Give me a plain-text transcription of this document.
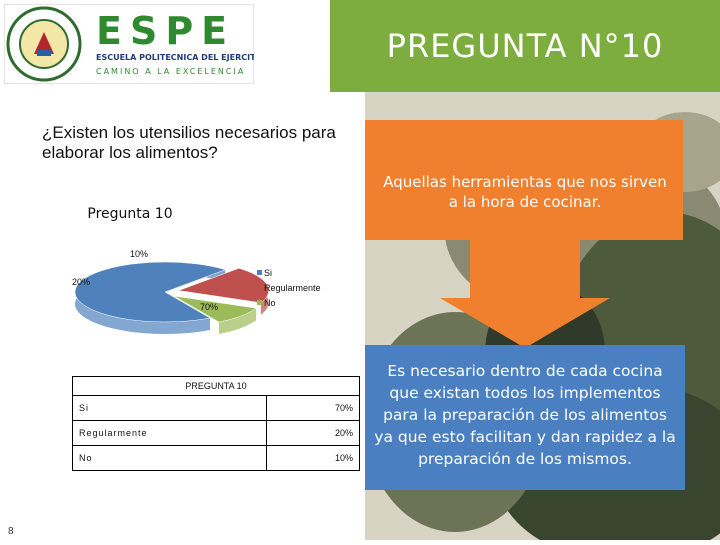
ESPE
ESCUELA POLITECNICA DEL EJERCITO
CAMINO A LA EXCELENCIA
PREGUNTA N°10
¿Existen los utensilios necesarios para elaborar los alimentos?
Pregunta 10
70%
20%
10%
Si
Regularmente
No
Aquellas herramientas que nos sirven a la hora de cocinar.
Es necesario dentro de cada cocina que existan todos los implementos para la preparación de los alimentos ya que esto facilitan y dan rapidez a la preparación de los mismos.
PREGUNTA 10	
Si	70%
Regularmente	20%
No	10%
8
